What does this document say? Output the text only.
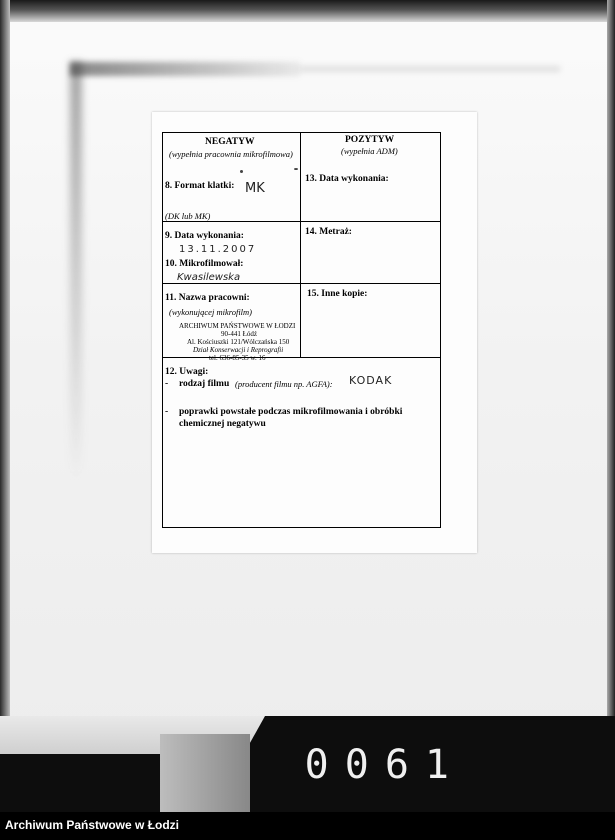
NEGATYW
(wypełnia pracownia mikrofilmowa)
POZYTYW
(wypełnia ADM)
8. Format klatki: MK
(DK lub MK)
13. Data wykonania:
9. Data wykonania:
13.11.2007
10. Mikrofilmował:
Kwasilewska
14. Metraż:
11. Nazwa pracowni:
(wykonującej mikrofilm)
ARCHIWUM PAŃSTWOWE W ŁODZI
90-441 Łódź
Al. Kościuszki 121/Wólczańska 150
Dział Konserwacji i Reprografii
tel. 636-85-35 w. 16
15. Inne kopie:
12. Uwagi:
- rodzaj filmu (producent filmu np. AGFA): KODAK
- poprawki powstałe podczas mikrofilmowania i obróbki
chemicznej negatywu
0061
Archiwum Państwowe w Łodzi
